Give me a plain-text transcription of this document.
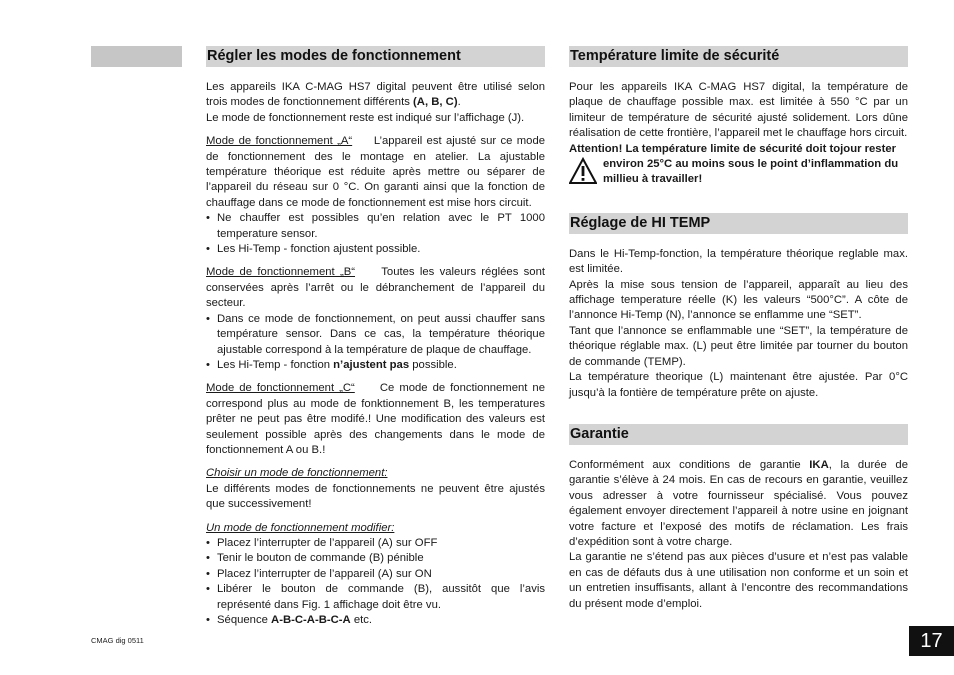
Régler les modes de fonctionnement

Les appareils IKA C-MAG HS7 digital peuvent être utilisé selon trois modes de fonctionnement différents (A, B, C).

Le mode de fonctionnement reste est indiqué sur l’affichage (J).

Mode de fonctionnement „A“ L’appareil est ajusté sur ce mode de fonctionnement des le montage en atelier. La ajustable température théorique est réduite après mettre ou séparer de l’appareil du réseau sur 0 °C. On garanti ainsi que la fonction de chauffage dans ce mode de fonctionnement est mise hors circuit.

• Ne chauffer est possibles qu’en relation avec le PT 1000 temperature sensor.

• Les Hi-Temp - fonction ajustent possible.

Mode de fonctionnement „B“ Toutes les valeurs réglées sont conservées après l’arrêt ou le débranchement de l’appareil du secteur.

• Dans ce mode de fonctionnement, on peut aussi chauffer sans température sensor. Dans ce cas, la température théorique ajustable correspond à la température de plaque de chauffage.

• Les Hi-Temp - fonction n’ajustent pas possible.

Mode de fonctionnement „C“ Ce mode de fonctionnement ne correspond plus au mode de fonktionnement B, les temperatures prêter ne peut pas être modifé.! Une modification des valeurs est seulement possible après des changements dans le mode de fonctionnement A ou B.!

Choisir un mode de fonctionnement:

Le différents modes de fonctionnements ne peuvent être ajustés que successivement!

Un mode de fonctionnement modifier:

• Placez l’interrupter de l’appareil (A) sur OFF

• Tenir le bouton de commande (B) pénible

• Placez l’interrupter de l’appareil (A) sur ON

• Libérer le bouton de commande (B), aussitôt que l’avis représenté dans Fig. 1 affichage doit être vu.

• Séquence A-B-C-A-B-C-A etc.

Température limite de sécurité

Pour les appareils IKA C-MAG HS7 digital, la température de plaque de chauffage possible max. est limitée à 550 °C par un limiteur de température de sécurité ajusté solidement. Lors dûne réalisation de cette frontière, l’appareil met le chauffage hors circuit.

Attention! La température limite de sécurité doit tojour rester

environ 25°C au moins sous le point d’inflammation du millieu à travailler!

Réglage de HI TEMP

Dans le Hi-Temp-fonction, la température théorique reglable max. est limitée.

Après la mise sous tension de l’appareil, apparaît au lieu des affichage temperature réelle (K) les valeurs “500°C”. A côte de l’annonce Hi-Temp (N), l’annonce se enflamme une “SET”.

Tant que l’annonce se enflammable une “SET”, la température de théorique réglable max. (L) peut être limitée par tourner du bouton de commande (TEMP).

La température theorique (L) maintenant être ajustée. Par 0°C jusqu’à la fontière de température prête on ajuste.

Garantie

Conformément aux conditions de garantie IKA, la durée de garantie s’élève à 24 mois. En cas de recours en garantie, veuillez vous adresser à votre fournisseur spécialisé. Vous pouvez également envoyer directement l’appareil à notre usine en joignant votre facture et l’exposé des motifs de réclamation. Les frais d’expédition sont à votre charge.

La garantie ne s’étend pas aux pièces d’usure et n’est pas valable en cas de défauts dus à une utilisation non conforme et un soin et un entretien insuffisants, allant à l’encontre des recommandations du présent mode d’emploi.

CMAG dig 0511	17
